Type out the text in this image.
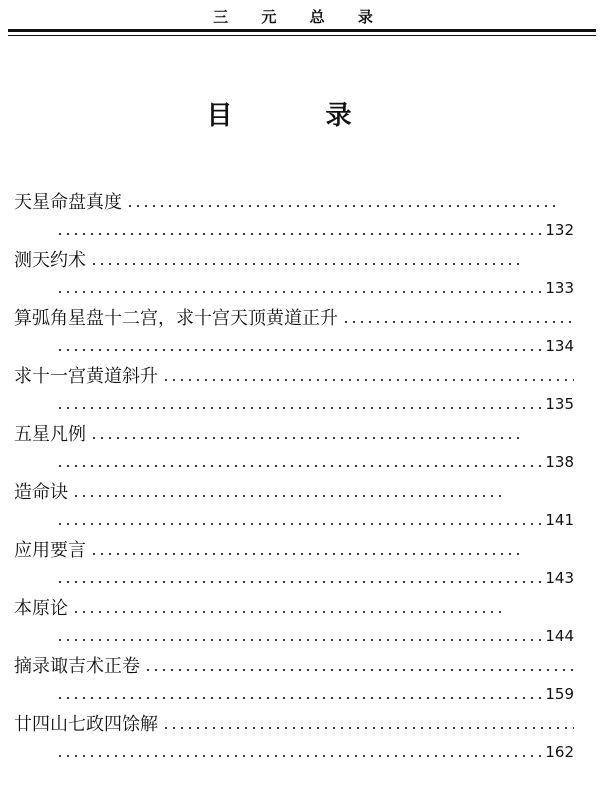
三 元 总 录
目 录
天星命盘真度
132
测天约术
133
算弧角星盘十二宫，求十宫天顶黄道正升
134
求十一宫黄道斜升
135
五星凡例
138
造命诀
141
应用要言
143
本原论
144
摘录诹吉术正卷
159
廿四山七政四馀解
162
